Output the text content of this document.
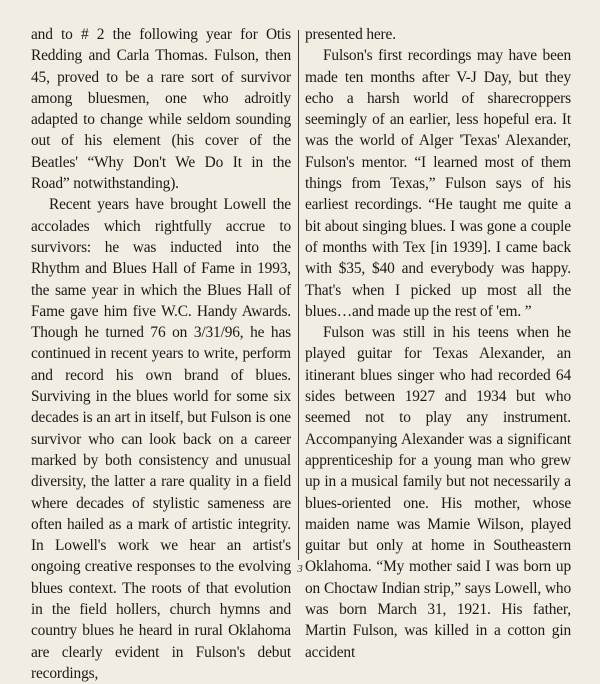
and to # 2 the following year for Otis Redding and Carla Thomas. Fulson, then 45, proved to be a rare sort of survivor among bluesmen, one who adroitly adapted to change while seldom sounding out of his element (his cover of the Beatles' “Why Don't We Do It in the Road” notwithstanding).

Recent years have brought Lowell the accolades which rightfully accrue to survivors: he was inducted into the Rhythm and Blues Hall of Fame in 1993, the same year in which the Blues Hall of Fame gave him five W.C. Handy Awards. Though he turned 76 on 3/31/96, he has continued in recent years to write, perform and record his own brand of blues. Surviving in the blues world for some six decades is an art in itself, but Fulson is one survivor who can look back on a career marked by both consistency and unusual diversity, the latter a rare quality in a field where decades of stylistic sameness are often hailed as a mark of artistic integrity. In Lowell's work we hear an artist's ongoing creative responses to the evolving blues context. The roots of that evolution in the field hollers, church hymns and country blues he heard in rural Oklahoma are clearly evident in Fulson's debut recordings,

presented here.

Fulson's first recordings may have been made ten months after V-J Day, but they echo a harsh world of sharecroppers seemingly of an earlier, less hopeful era. It was the world of Alger 'Texas' Alexander, Fulson's mentor. “I learned most of them things from Texas,” Fulson says of his earliest recordings. “He taught me quite a bit about singing blues. I was gone a couple of months with Tex [in 1939]. I came back with $35, $40 and everybody was happy. That's when I picked up most all the blues…and made up the rest of 'em. ”

Fulson was still in his teens when he played guitar for Texas Alexander, an itinerant blues singer who had recorded 64 sides between 1927 and 1934 but who seemed not to play any instrument. Accompanying Alexander was a significant apprenticeship for a young man who grew up in a musical family but not necessarily a blues-oriented one. His mother, whose maiden name was Mamie Wilson, played guitar but only at home in Southeastern Oklahoma. “My mother said I was born up on Choctaw Indian strip,” says Lowell, who was born March 31, 1921. His father, Martin Fulson, was killed in a cotton gin accident

3
